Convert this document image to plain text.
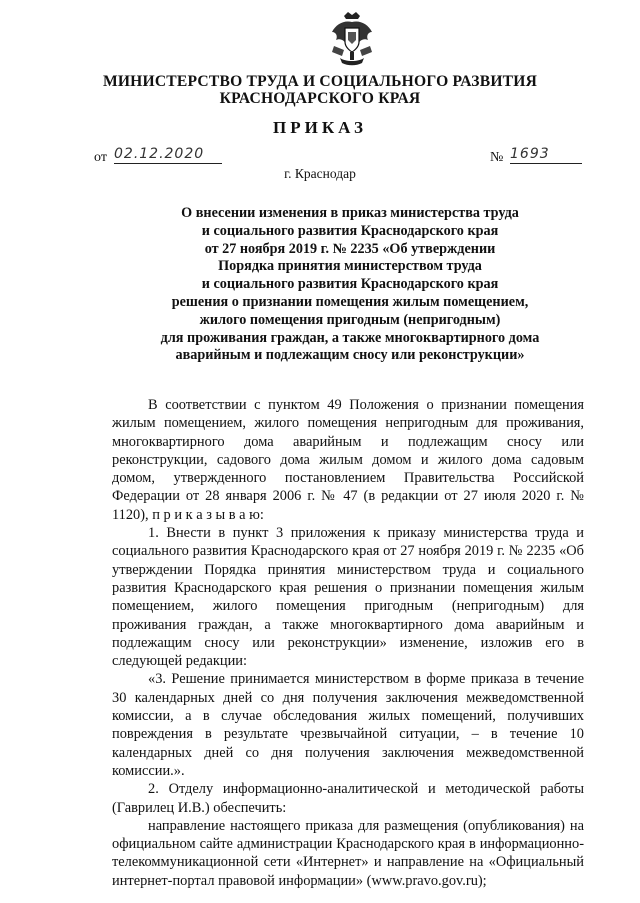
МИНИСТЕРСТВО ТРУДА И СОЦИАЛЬНОГО РАЗВИТИЯ
КРАСНОДАРСКОГО КРАЯ
ПРИКАЗ
от 02.12.2020	№ 1693
г. Краснодар
О внесении изменения в приказ министерства труда
и социального развития Краснодарского края
от 27 ноября 2019 г. № 2235 «Об утверждении
Порядка принятия министерством труда
и социального развития Краснодарского края
решения о признании помещения жилым помещением,
жилого помещения пригодным (непригодным)
для проживания граждан, а также многоквартирного дома
аварийным и подлежащим сносу или реконструкции»

В соответствии с пунктом 49 Положения о признании помещения жилым помещением, жилого помещения непригодным для проживания, многоквартирного дома аварийным и подлежащим сносу или реконструкции, садового дома жилым домом и жилого дома садовым домом, утвержденного постановлением Правительства Российской Федерации от 28 января 2006 г. № 47 (в редакции от 27 июля 2020 г. № 1120), п р и к а з ы в а ю:

1. Внести в пункт 3 приложения к приказу министерства труда и социального развития Краснодарского края от 27 ноября 2019 г. № 2235 «Об утверждении Порядка принятия министерством труда и социального развития Краснодарского края решения о признании помещения жилым помещением, жилого помещения пригодным (непригодным) для проживания граждан, а также многоквартирного дома аварийным и подлежащим сносу или реконструкции» изменение, изложив его в следующей редакции:

«3. Решение принимается министерством в форме приказа в течение 30 календарных дней со дня получения заключения межведомственной комиссии, а в случае обследования жилых помещений, получивших повреждения в результате чрезвычайной ситуации, – в течение 10 календарных дней со дня получения заключения межведомственной комиссии.».

2. Отделу информационно-аналитической и методической работы (Гаврилец И.В.) обеспечить:

направление настоящего приказа для размещения (опубликования) на официальном сайте администрации Краснодарского края в информационно-телекоммуникационной сети «Интернет» и направление на «Официальный интернет-портал правовой информации» (www.pravo.gov.ru);
